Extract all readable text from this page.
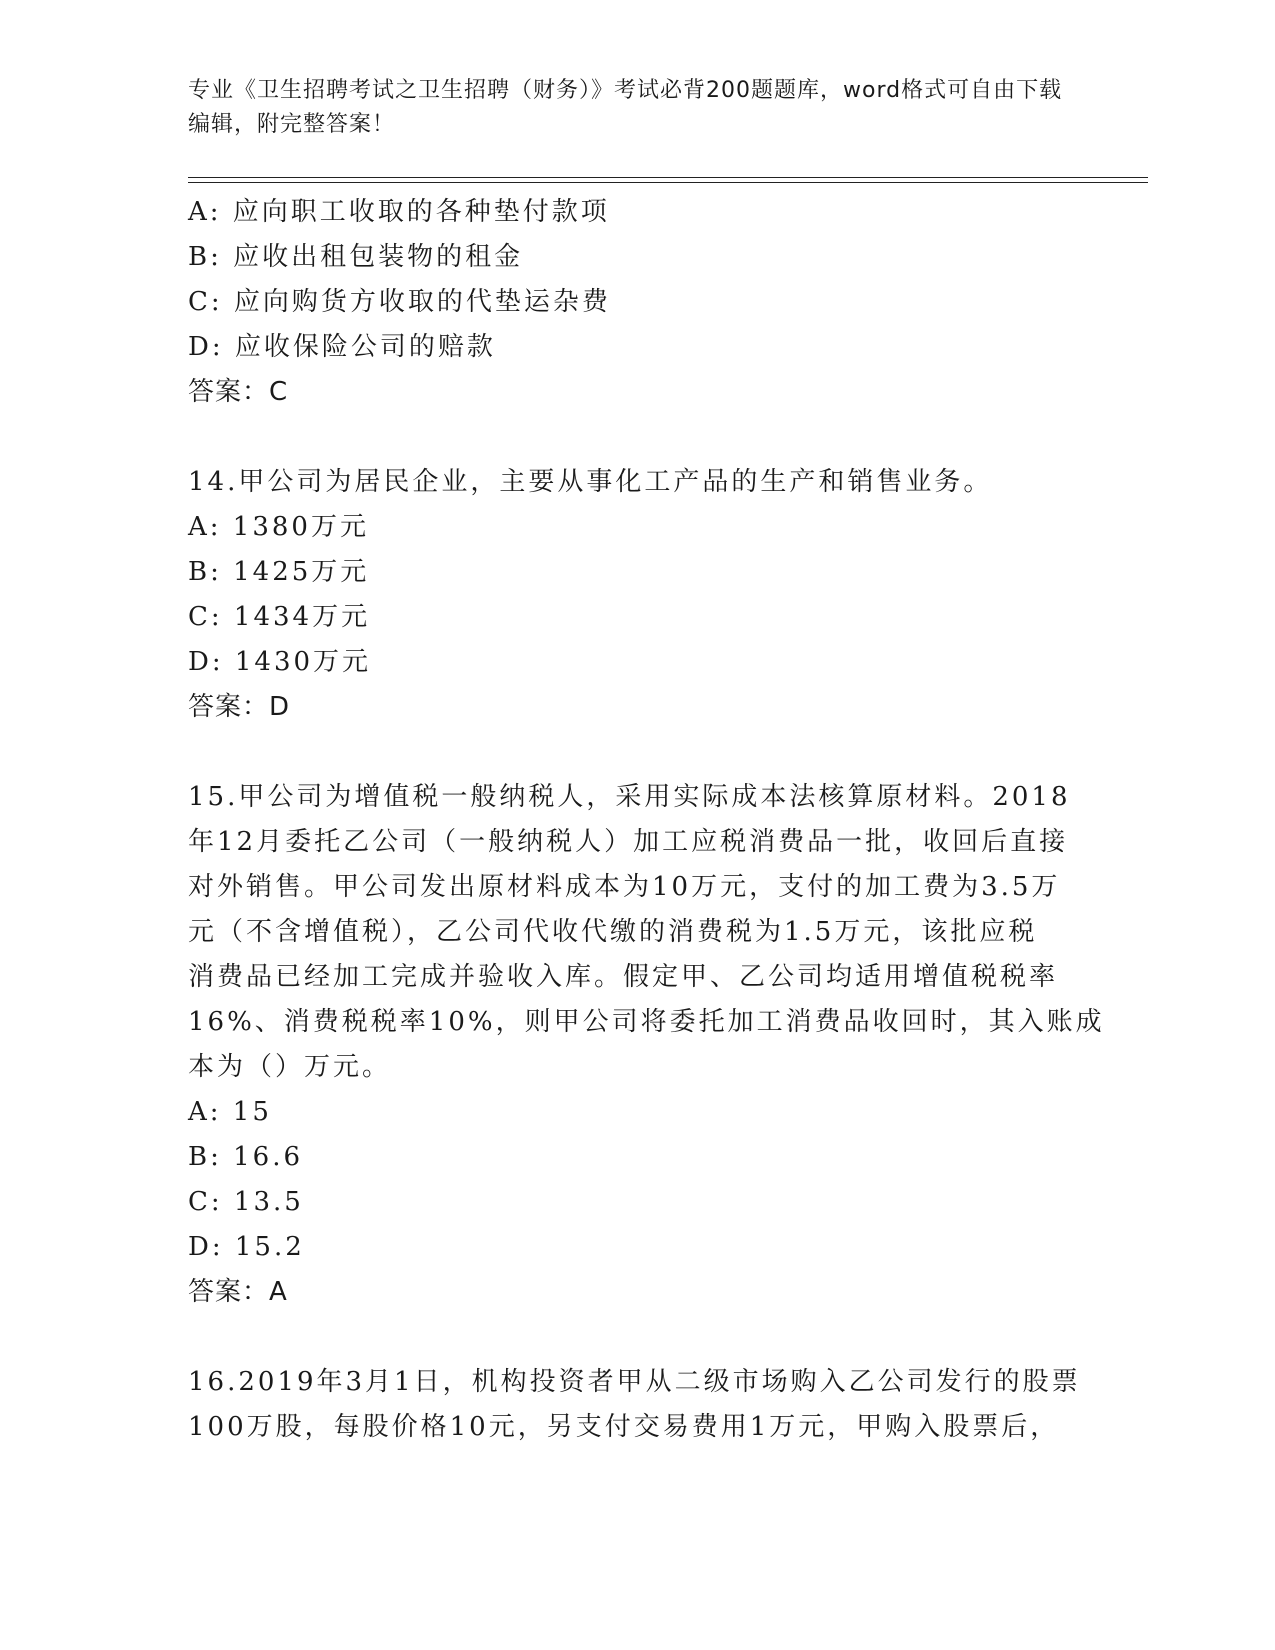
专业《卫生招聘考试之卫生招聘（财务）》考试必背200题题库，word格式可自由下载编辑，附完整答案！
A: 应向职工收取的各种垫付款项
B: 应收出租包装物的租金
C: 应向购货方收取的代垫运杂费
D: 应收保险公司的赔款
答案：C
14.甲公司为居民企业，主要从事化工产品的生产和销售业务。
A: 1380万元
B: 1425万元
C: 1434万元
D: 1430万元
答案：D
15.甲公司为增值税一般纳税人，采用实际成本法核算原材料。2018
年12月委托乙公司（一般纳税人）加工应税消费品一批，收回后直接
对外销售。甲公司发出原材料成本为10万元，支付的加工费为3.5万
元（不含增值税），乙公司代收代缴的消费税为1.5万元，该批应税
消费品已经加工完成并验收入库。假定甲、乙公司均适用增值税税率
16%、消费税税率10%，则甲公司将委托加工消费品收回时，其入账成
本为（）万元。
A: 15
B: 16.6
C: 13.5
D: 15.2
答案：A
16.2019年3月1日，机构投资者甲从二级市场购入乙公司发行的股票
100万股，每股价格10元，另支付交易费用1万元，甲购入股票后，
